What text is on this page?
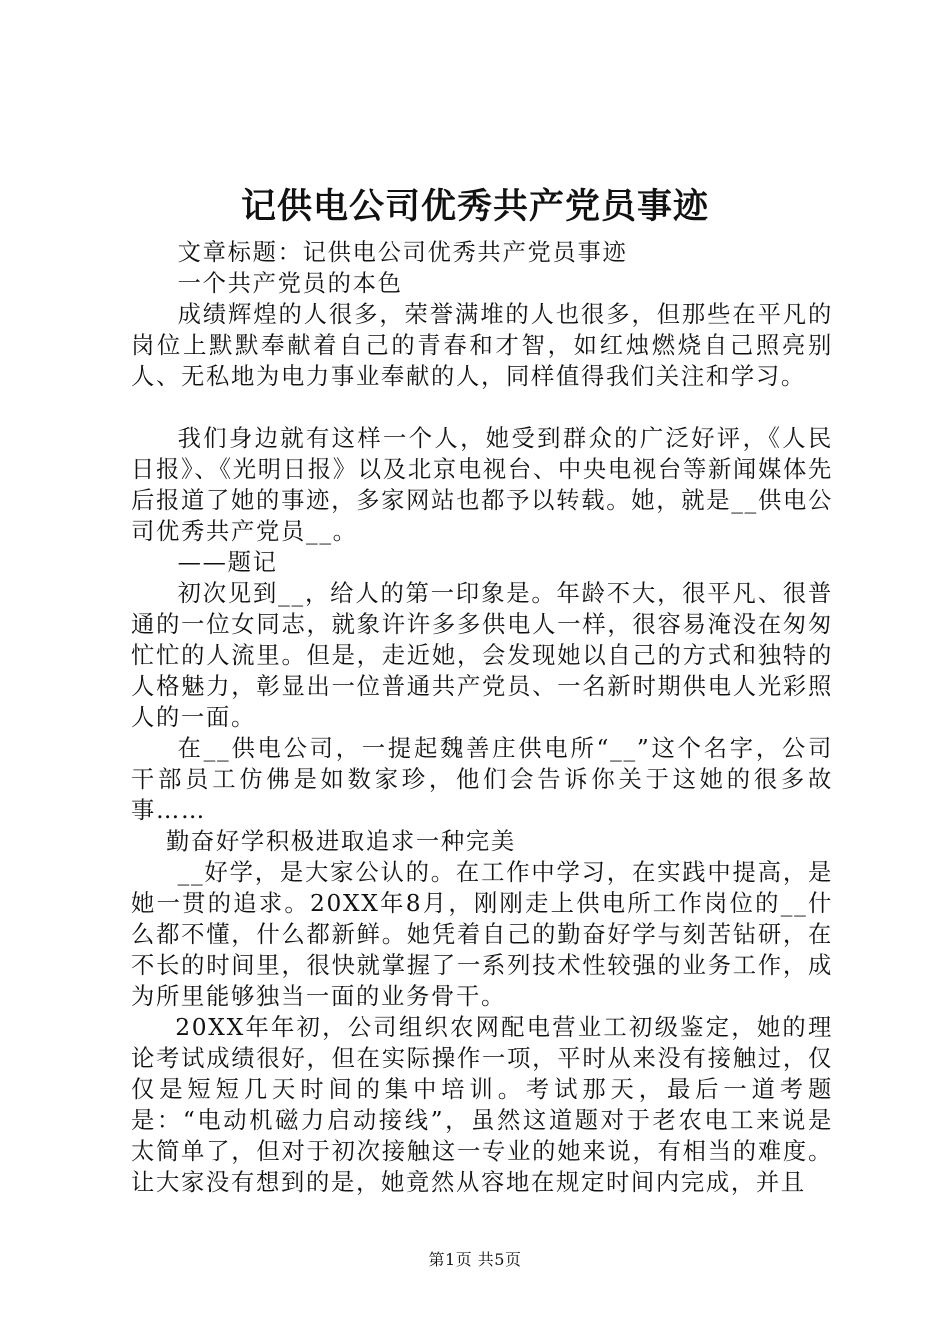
记供电公司优秀共产党员事迹

文章标题：记供电公司优秀共产党员事迹

一个共产党员的本色

成绩辉煌的人很多，荣誉满堆的人也很多，但那些在平凡的岗位上默默奉献着自己的青春和才智，如红烛燃烧自己照亮别人、无私地为电力事业奉献的人，同样值得我们关注和学习。

我们身边就有这样一个人，她受到群众的广泛好评，《人民日报》、《光明日报》以及北京电视台、中央电视台等新闻媒体先后报道了她的事迹，多家网站也都予以转载。她，就是__供电公司优秀共产党员__。

——题记

初次见到__，给人的第一印象是。年龄不大，很平凡、很普通的一位女同志，就象许许多多供电人一样，很容易淹没在匆匆忙忙的人流里。但是，走近她，会发现她以自己的方式和独特的人格魅力，彰显出一位普通共产党员、一名新时期供电人光彩照人的一面。

在__供电公司，一提起魏善庄供电所“__”这个名字，公司干部员工仿佛是如数家珍，他们会告诉你关于这她的很多故事……

勤奋好学积极进取追求一种完美

__好学，是大家公认的。在工作中学习，在实践中提高，是她一贯的追求。20XX年8月，刚刚走上供电所工作岗位的__什么都不懂，什么都新鲜。她凭着自己的勤奋好学与刻苦钻研，在不长的时间里，很快就掌握了一系列技术性较强的业务工作，成为所里能够独当一面的业务骨干。

20XX年年初，公司组织农网配电营业工初级鉴定，她的理论考试成绩很好，但在实际操作一项，平时从来没有接触过，仅仅是短短几天时间的集中培训。考试那天，最后一道考题是：“电动机磁力启动接线”，虽然这道题对于老农电工来说是太简单了，但对于初次接触这一专业的她来说，有相当的难度。让大家没有想到的是，她竟然从容地在规定时间内完成，并且

第1页 共5页
